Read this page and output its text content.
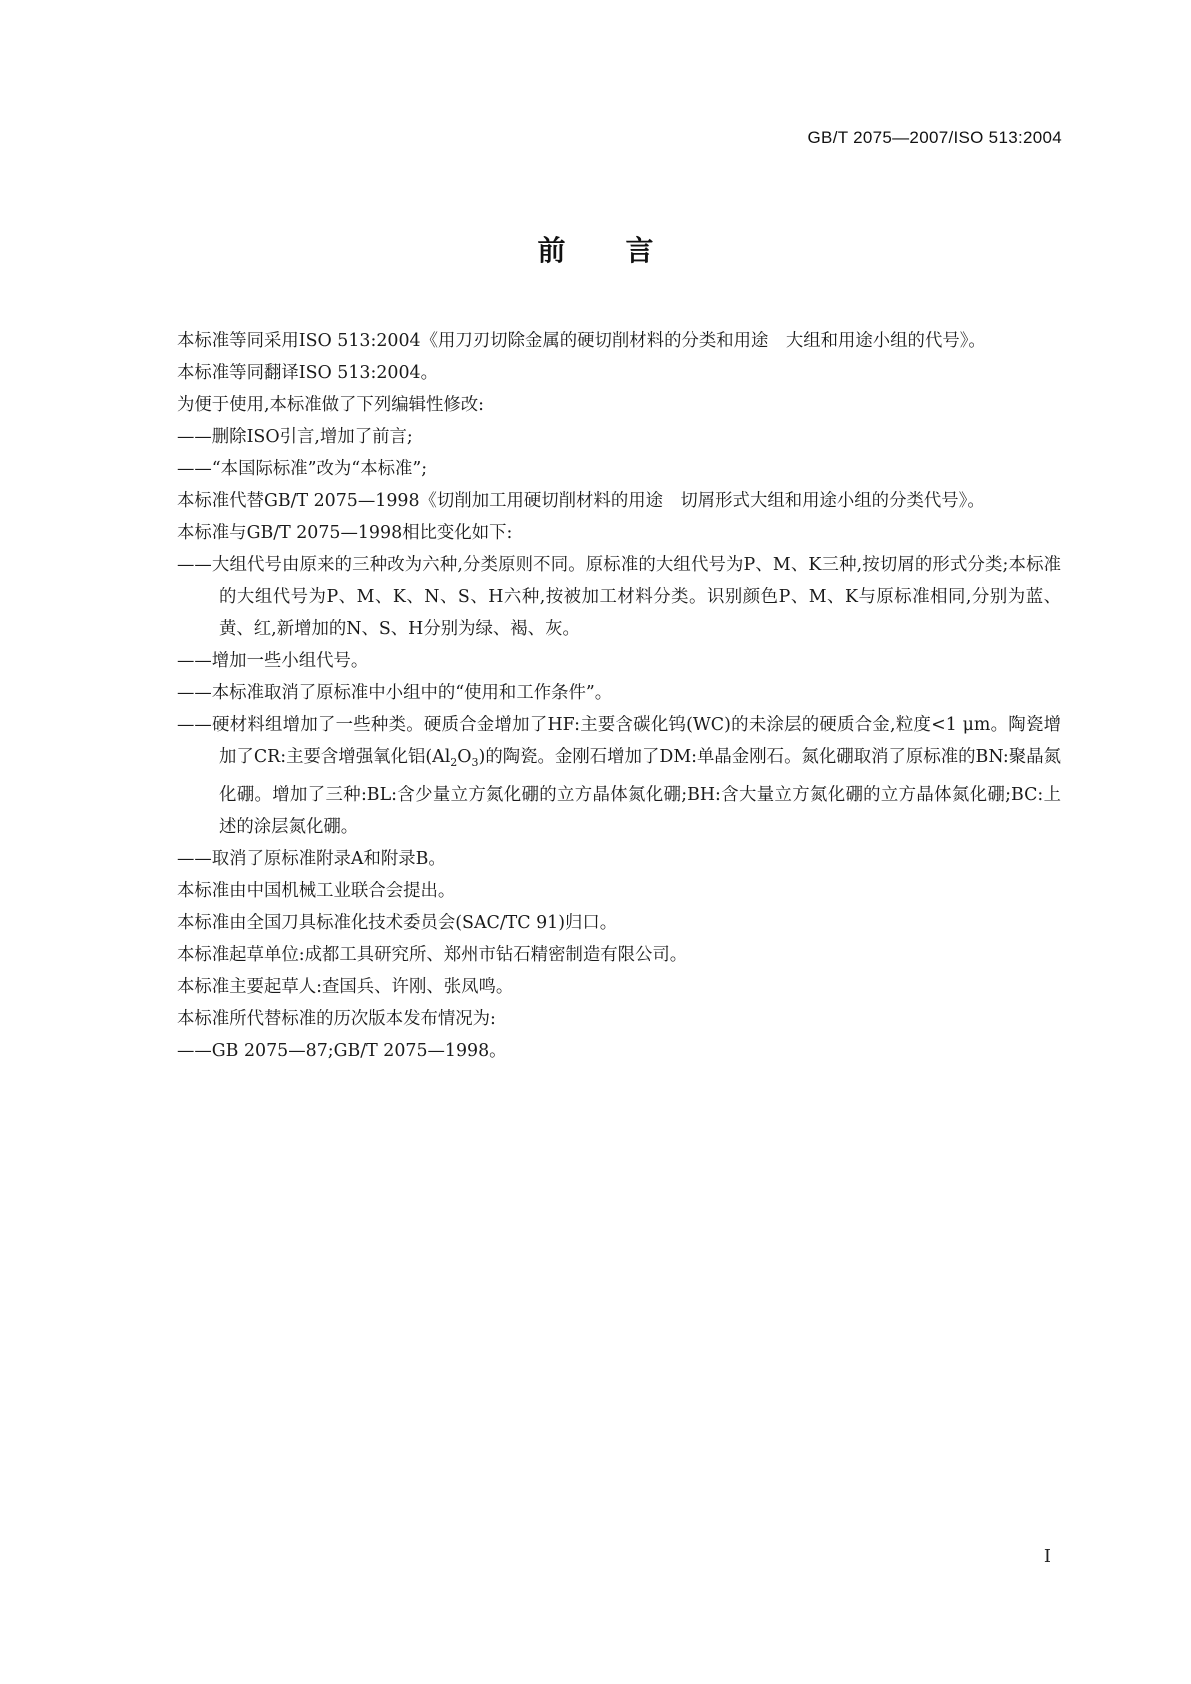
GB/T 2075—2007/ISO 513:2004
前言

本标准等同采用ISO 513:2004《用刀刃切除金属的硬切削材料的分类和用途　大组和用途小组的代号》。

本标准等同翻译ISO 513:2004。

为便于使用,本标准做了下列编辑性修改:

——删除ISO引言,增加了前言;

——“本国际标准”改为“本标准”;

本标准代替GB/T 2075—1998《切削加工用硬切削材料的用途　切屑形式大组和用途小组的分类代号》。

本标准与GB/T 2075—1998相比变化如下:

——大组代号由原来的三种改为六种,分类原则不同。原标准的大组代号为P、M、K三种,按切屑的形式分类;本标准的大组代号为P、M、K、N、S、H六种,按被加工材料分类。识别颜色P、M、K与原标准相同,分别为蓝、黄、红,新增加的N、S、H分别为绿、褐、灰。

——增加一些小组代号。

——本标准取消了原标准中小组中的“使用和工作条件”。

——硬材料组增加了一些种类。硬质合金增加了HF:主要含碳化钨(WC)的未涂层的硬质合金,粒度<1 μm。陶瓷增加了CR:主要含增强氧化铝$(Al_2O_3)$的陶瓷。金刚石增加了DM:单晶金刚石。氮化硼取消了原标准的BN:聚晶氮化硼。增加了三种:BL:含少量立方氮化硼的立方晶体氮化硼;BH:含大量立方氮化硼的立方晶体氮化硼;BC:上述的涂层氮化硼。

——取消了原标准附录A和附录B。

本标准由中国机械工业联合会提出。

本标准由全国刀具标准化技术委员会(SAC/TC 91)归口。

本标准起草单位:成都工具研究所、郑州市钻石精密制造有限公司。

本标准主要起草人:查国兵、许刚、张凤鸣。

本标准所代替标准的历次版本发布情况为:

——GB 2075—87;GB/T 2075—1998。

I
